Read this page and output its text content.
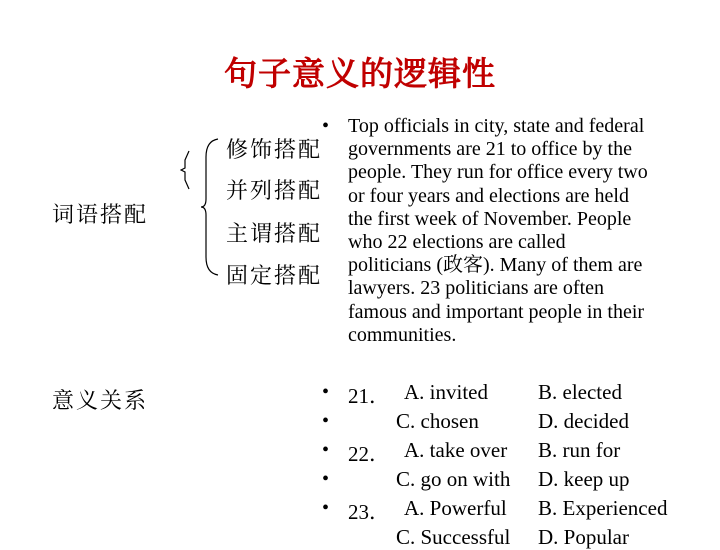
句子意义的逻辑性
词语搭配
意义关系
修饰搭配
并列搭配
主谓搭配
固定搭配
• Top officials in city, state and federal
governments are 21 to office by the
people. They run for office every two
or four years and elections are held
the first week of November. People
who 22 elections are called
politicians (政客). Many of them are
lawyers. 23 politicians are often
famous and important people in their
communities.
• 21． A. invited B. elected
•	C. chosen	D. decided
• 22． A. take over B. run for
•	C. go on with D. keep up
• 23． A. Powerful B. Experienced
C. Successful D. Popular
